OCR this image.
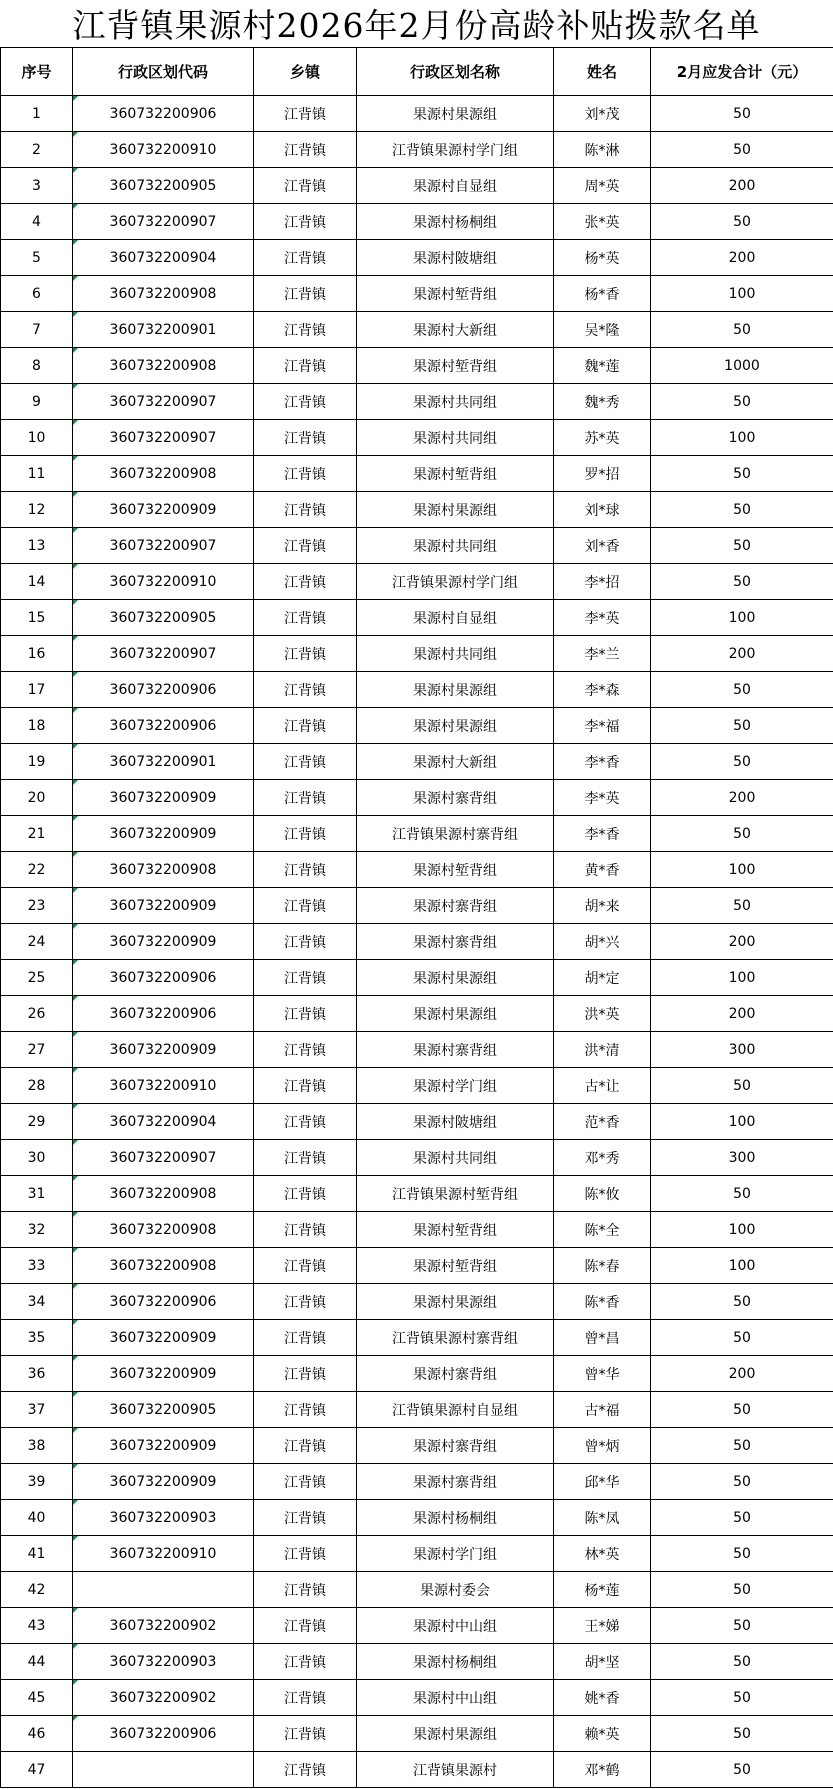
江背镇果源村2026年2月份高龄补贴拨款名单
序号	行政区划代码	乡镇	行政区划名称	姓名	2月应发合计（元）
1	360732200906	江背镇	果源村果源组	刘*茂	50
2	360732200910	江背镇	江背镇果源村学门组	陈*淋	50
3	360732200905	江背镇	果源村自显组	周*英	200
4	360732200907	江背镇	果源村杨桐组	张*英	50
5	360732200904	江背镇	果源村陂塘组	杨*英	200
6	360732200908	江背镇	果源村堑背组	杨*香	100
7	360732200901	江背镇	果源村大新组	吴*隆	50
8	360732200908	江背镇	果源村堑背组	魏*莲	1000
9	360732200907	江背镇	果源村共同组	魏*秀	50
10	360732200907	江背镇	果源村共同组	苏*英	100
11	360732200908	江背镇	果源村堑背组	罗*招	50
12	360732200909	江背镇	果源村果源组	刘*球	50
13	360732200907	江背镇	果源村共同组	刘*香	50
14	360732200910	江背镇	江背镇果源村学门组	李*招	50
15	360732200905	江背镇	果源村自显组	李*英	100
16	360732200907	江背镇	果源村共同组	李*兰	200
17	360732200906	江背镇	果源村果源组	李*森	50
18	360732200906	江背镇	果源村果源组	李*福	50
19	360732200901	江背镇	果源村大新组	李*香	50
20	360732200909	江背镇	果源村寨背组	李*英	200
21	360732200909	江背镇	江背镇果源村寨背组	李*香	50
22	360732200908	江背镇	果源村堑背组	黄*香	100
23	360732200909	江背镇	果源村寨背组	胡*来	50
24	360732200909	江背镇	果源村寨背组	胡*兴	200
25	360732200906	江背镇	果源村果源组	胡*定	100
26	360732200906	江背镇	果源村果源组	洪*英	200
27	360732200909	江背镇	果源村寨背组	洪*清	300
28	360732200910	江背镇	果源村学门组	古*让	50
29	360732200904	江背镇	果源村陂塘组	范*香	100
30	360732200907	江背镇	果源村共同组	邓*秀	300
31	360732200908	江背镇	江背镇果源村堑背组	陈*攸	50
32	360732200908	江背镇	果源村堑背组	陈*全	100
33	360732200908	江背镇	果源村堑背组	陈*春	100
34	360732200906	江背镇	果源村果源组	陈*香	50
35	360732200909	江背镇	江背镇果源村寨背组	曾*昌	50
36	360732200909	江背镇	果源村寨背组	曾*华	200
37	360732200905	江背镇	江背镇果源村自显组	古*福	50
38	360732200909	江背镇	果源村寨背组	曾*炳	50
39	360732200909	江背镇	果源村寨背组	邱*华	50
40	360732200903	江背镇	果源村杨桐组	陈*凤	50
41	360732200910	江背镇	果源村学门组	林*英	50
42		江背镇	果源村委会	杨*莲	50
43	360732200902	江背镇	果源村中山组	王*娣	50
44	360732200903	江背镇	果源村杨桐组	胡*坚	50
45	360732200902	江背镇	果源村中山组	姚*香	50
46	360732200906	江背镇	果源村果源组	赖*英	50
47		江背镇	江背镇果源村	邓*鹤	50
